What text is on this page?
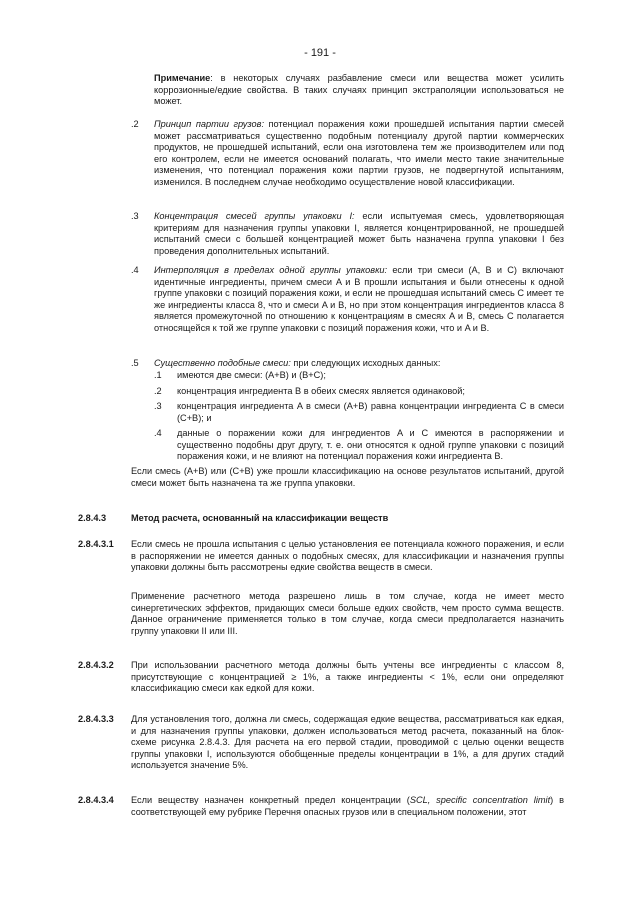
- 191 -
Примечание: в некоторых случаях разбавление смеси или вещества может усилить коррозионные/едкие свойства. В таких случаях принцип экстраполяции использоваться не может.
.2 Принцип партии грузов: потенциал поражения кожи прошедшей испытания партии смесей может рассматриваться существенно подобным потенциалу другой партии коммерческих продуктов, не прошедшей испытаний, если она изготовлена тем же производителем или под его контролем, если не имеется оснований полагать, что имели место такие значительные изменения, что потенциал поражения кожи партии грузов, не подвергнутой испытаниям, изменился. В последнем случае необходимо осуществление новой классификации.
.3 Концентрация смесей группы упаковки I: если испытуемая смесь, удовлетворяющая критериям для назначения группы упаковки I, является концентрированной, не прошедшей испытаний смеси с большей концентрацией может быть назначена группа упаковки I без проведения дополнительных испытаний.
.4 Интерполяция в пределах одной группы упаковки: если три смеси (A, B и C) включают идентичные ингредиенты, причем смеси A и B прошли испытания и были отнесены к одной группе упаковки с позиций поражения кожи, и если не прошедшая испытаний смесь C имеет те же ингредиенты класса 8, что и смеси A и B, но при этом концентрация ингредиентов класса 8 является промежуточной по отношению к концентрациям в смесях A и B, смесь C полагается относящейся к той же группе упаковки с позиций поражения кожи, что и A и B.
.5 Существенно подобные смеси: при следующих исходных данных:
.1 имеются две смеси: (A+B) и (B+C);
.2 концентрация ингредиента B в обеих смесях является одинаковой;
.3 концентрация ингредиента A в смеси (A+B) равна концентрации ингредиента C в смеси (C+B); и
.4 данные о поражении кожи для ингредиентов A и C имеются в распоряжении и существенно подобны друг другу, т. е. они относятся к одной группе упаковки с позиций поражения кожи, и не влияют на потенциал поражения кожи ингредиента B.
Если смесь (A+B) или (C+B) уже прошли классификацию на основе результатов испытаний, другой смеси может быть назначена та же группа упаковки.
2.8.4.3	Метод расчета, основанный на классификации веществ
2.8.4.3.1 Если смесь не прошла испытания с целью установления ее потенциала кожного поражения, и если в распоряжении не имеется данных о подобных смесях, для классификации и назначения группы упаковки должны быть рассмотрены едкие свойства веществ в смеси.
Применение расчетного метода разрешено лишь в том случае, когда не имеет место синергетических эффектов, придающих смеси больше едких свойств, чем просто сумма веществ. Данное ограничение применяется только в том случае, когда смеси предполагается назначить группу упаковки II или III.
2.8.4.3.2 При использовании расчетного метода должны быть учтены все ингредиенты с классом 8, присутствующие с концентрацией ≥ 1%, а также ингредиенты < 1%, если они определяют классификацию смеси как едкой для кожи.
2.8.4.3.3 Для установления того, должна ли смесь, содержащая едкие вещества, рассматриваться как едкая, и для назначения группы упаковки, должен использоваться метод расчета, показанный на блок-схеме рисунка 2.8.4.3. Для расчета на его первой стадии, проводимой с целью оценки веществ группы упаковки I, используются обобщенные пределы концентрации в 1%, а для других стадий используется значение 5%.
2.8.4.3.4 Если веществу назначен конкретный предел концентрации (SCL, specific concentration limit) в соответствующей ему рубрике Перечня опасных грузов или в специальном положении, этот
